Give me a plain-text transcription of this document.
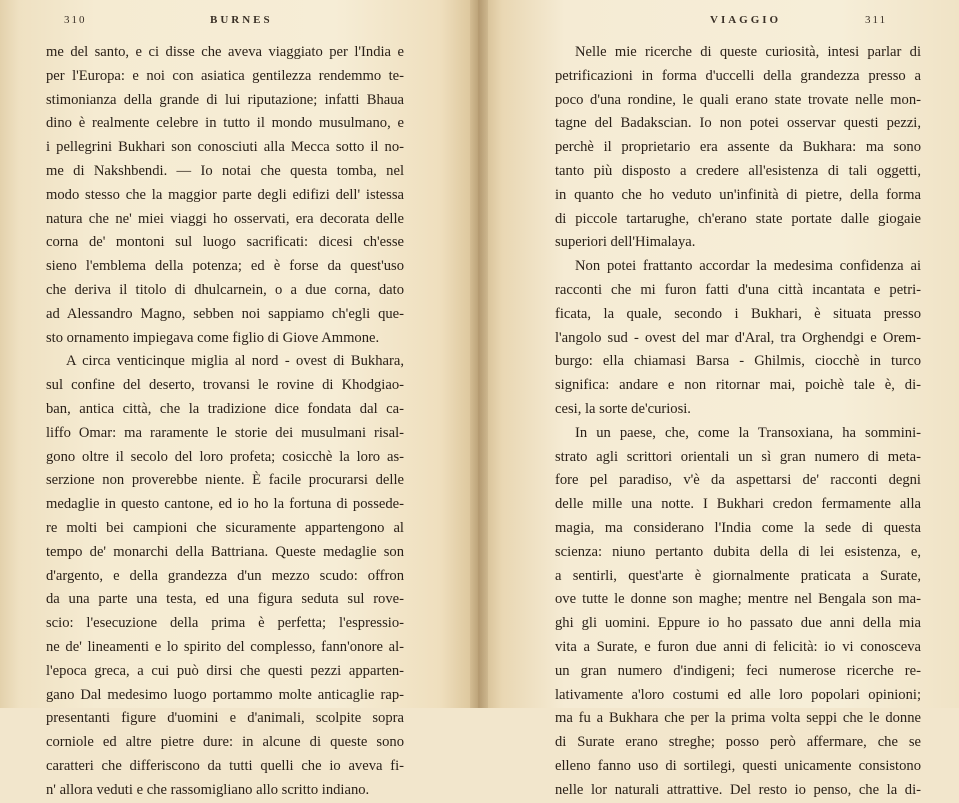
310	BURNES
me del santo, e ci disse che aveva viaggiato per l'India e
per l'Europa: e noi con asiatica gentilezza rendemmo te-
stimonianza della grande di lui riputazione; infatti Bhaua
dino è realmente celebre in tutto il mondo musulmano, e
i pellegrini Bukhari son conosciuti alla Mecca sotto il no-
me di Nakshbendi. — Io notai che questa tomba, nel
modo stesso che la maggior parte degli edifizi dell' istessa
natura che ne' miei viaggi ho osservati, era decorata delle
corna de' montoni sul luogo sacrificati: dicesi ch'esse
sieno l'emblema della potenza; ed è forse da quest'uso
che deriva il titolo di dhulcarnein, o a due corna, dato
ad Alessandro Magno, sebben noi sappiamo ch'egli que-
sto ornamento impiegava come figlio di Giove Ammone.
A circa venticinque miglia al nord - ovest di Bukhara,
sul confine del deserto, trovansi le rovine di Khodgiao-
ban, antica città, che la tradizione dice fondata dal ca-
liffo Omar: ma raramente le storie dei musulmani risal-
gono oltre il secolo del loro profeta; cosicchè la loro as-
serzione non proverebbe niente. È facile procurarsi delle
medaglie in questo cantone, ed io ho la fortuna di possede-
re molti bei campioni che sicuramente appartengono al
tempo de' monarchi della Battriana. Queste medaglie son
d'argento, e della grandezza d'un mezzo scudo: offron
da una parte una testa, ed una figura seduta sul rove-
scio: l'esecuzione della prima è perfetta; l'espressio-
ne de' lineamenti e lo spirito del complesso, fann'onore al-
l'epoca greca, a cui può dirsi che questi pezzi apparten-
gano Dal medesimo luogo portammo molte anticaglie rap-
presentanti figure d'uomini e d'animali, scolpite sopra
corniole ed altre pietre dure: in alcune di queste sono
caratteri che differiscono da tutti quelli che io aveva fi-
n' allora veduti e che rassomigliano allo scritto indiano.
VIAGGIO	311
Nelle mie ricerche di queste curiosità, intesi parlar di
petrificazioni in forma d'uccelli della grandezza presso a
poco d'una rondine, le quali erano state trovate nelle mon-
tagne del Badakscian. Io non potei osservar questi pezzi,
perchè il proprietario era assente da Bukhara: ma sono
tanto più disposto a credere all'esistenza di tali oggetti,
in quanto che ho veduto un'infinità di pietre, della forma
di piccole tartarughe, ch'erano state portate dalle giogaie
superiori dell'Himalaya.
Non potei frattanto accordar la medesima confidenza ai
racconti che mi furon fatti d'una città incantata e petri-
ficata, la quale, secondo i Bukhari, è situata presso
l'angolo sud - ovest del mar d'Aral, tra Orghendgi e Orem-
burgo: ella chiamasi Barsa - Ghilmis, ciocchè in turco
significa: andare e non ritornar mai, poichè tale è, di-
cesi, la sorte de'curiosi.
In un paese, che, come la Transoxiana, ha sommini-
strato agli scrittori orientali un sì gran numero di meta-
fore pel paradiso, v'è da aspettarsi de' racconti degni
delle mille una notte. I Bukhari credon fermamente alla
magia, ma considerano l'India come la sede di questa
scienza: niuno pertanto dubita della di lei esistenza, e,
a sentirli, quest'arte è giornalmente praticata a Surate,
ove tutte le donne son maghe; mentre nel Bengala son ma-
ghi gli uomini. Eppure io ho passato due anni della mia
vita a Surate, e furon due anni di felicità: io vi conosceva
un gran numero d'indigeni; feci numerose ricerche re-
lativamente a'loro costumi ed alle loro popolari opinioni;
ma fu a Bukhara che per la prima volta seppi che le donne
di Surate erano streghe; posso però affermare, che se
elleno fanno uso di sortilegi, questi unicamente consistono
nelle lor naturali attrattive. Del resto io penso, che la di-
